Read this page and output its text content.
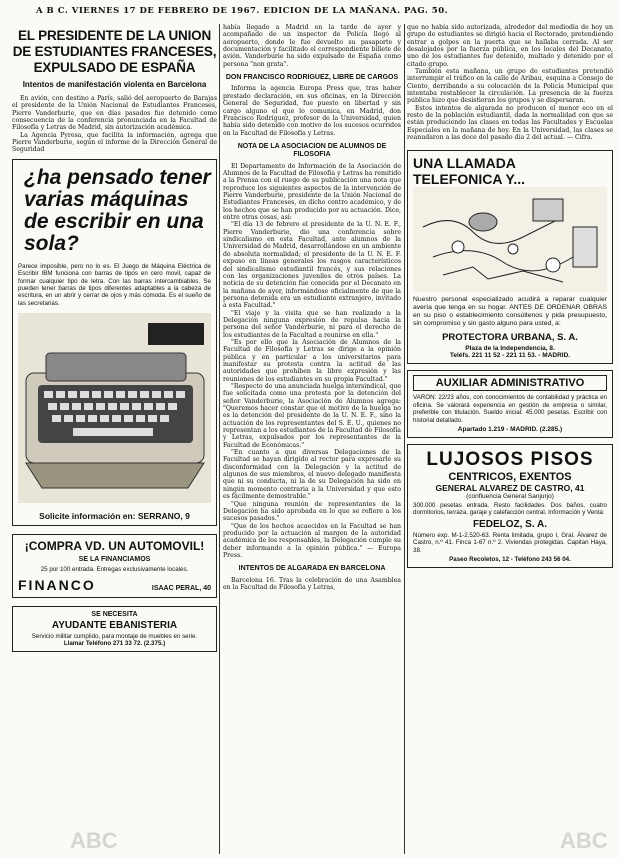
A B C. VIERNES 17 DE FEBRERO DE 1967. EDICION DE LA MAÑANA. PAG. 50.
EL PRESIDENTE DE LA UNION DE ESTUDIANTES FRANCESES, EXPULSADO DE ESPAÑA
Intentos de manifestación violenta en Barcelona

En avión, con destino a París, salió del aeropuerto de Barajas el presidente de la Unión Nacional de Estudiantes Franceses, Pierre Vanderburie, que en días pasados fue detenido como consecuencia de la conferencia pronunciada en la Facultad de Filosofía y Letras de Madrid, sin autorización académica.

La Agencia Pyresa, que facilita la información, agrega que Pierre Vanderburie, según el informe de la Dirección General de Seguridad

¿ha pensado tener varias máquinas de escribir en una sola?
Parece imposible, pero no lo es. El Juego de Máquina Eléctrica de Escribir IBM funciona con barras de tipos en cero movil, capaz de formar cualquier tipo de letra. Con las barras intercambiables. Se pueden tener barras de tipos diferentes adaptables a la cabeza de escritura, en un abrir y cerrar de ojos y más cómoda. Es el sueño de las secretarias.
Solicite información en: SERRANO, 9
¡COMPRA VD. UN AUTOMOVIL!
SE LA FINANCIAMOS
25 por 100 entrada. Entregas exclusivamente locales.
FINANCO	ISAAC PERAL, 40
SE NECESITA
AYUDANTE EBANISTERIA
Servicio militar cumplido, para montaje de muebles en serie.
Llamar Teléfono 271 33 72. (2.375.)

había llegado a Madrid en la tarde de ayer y acompañado de un inspector de Policía llegó al aeropuerto, donde le fue devuelto su pasaporte y documentación y facilitado el correspondiente billete de avión. Vanderburie ha sido expulsado de España como persona "non grata".

DON FRANCISCO RODRIGUEZ, LIBRE DE CARGOS

Informa la agencia Europa Press que, tras haber prestado declaración, en sus oficinas, en la Dirección General de Seguridad, fue puesto en libertad y sin cargo alguno el que lo comunica, en Madrid, don Francisco Rodríguez, profesor de la Universidad, quien había sido detenido con motivo de los sucesos ocurridos en la Facultad de Filosofía y Letras.

NOTA DE LA ASOCIACION DE ALUMNOS DE FILOSOFIA

El Departamento de Información de la Asociación de Alumnos de la Facultad de Filosofía y Letras ha remitido a la Prensa con el ruego de su publicación una nota que reproduce los siguientes aspectos de la intervención de Pierre Vanderburie, presidente de la Unión Nacional de Estudiantes Franceses, en dicho centro académico, y de los hechos que se han producido por su actuación. Dice, entre otras cosas, así:

"El día 13 de febrero el presidente de la U. N. E. F., Pierre Vanderburie, dio una conferencia sobre sindicalismo en esta Facultad, ante alumnos de la Universidad de Madrid, desarrollándose en un ambiente de absoluta normalidad; el presidente de la U. N. E. F. expuso en líneas generales los rasgos característicos del sindicalismo estudiantil francés, y sus relaciones con las organizaciones juveniles de otros países. La noticia de su detención fue conocida por el Decanato en la mañana de ayer, informándose oficialmente de que la persona detenida era un estudiante extranjero, invitado a esta Facultad."

"El viaje y la visita que se han realizado a la Delegación ninguna expresión de repulsa hacia la persona del señor Vanderburie, ni para el derecho de los estudiantes de la Facultad a reunirse en ella."

"Es por ello que la Asociación de Alumnos de la Facultad de Filosofía y Letras se dirige a la opinión pública y en particular a los universitarios para manifestar su protesta contra la actitud de las autoridades que prohíben la libre expresión y las reuniones de los estudiantes en su propia Facultad."

"Respecto de una anunciada huelga intersindical, que fue solicitada como una protesta por la detención del señor Vanderburie, la Asociación de Alumnos agrega: "Queremos hacer constar que el motivo de la huelga no es la detención del presidente de la U. N. E. F., sino la actuación de los representantes del S. E. U., quienes no representan a los estudiantes de la Facultad de Filosofía y Letras, expulsados por los representantes de la Facultad de Económicas."

"En cuanto a que diversas Delegaciones de la Facultad se hayan dirigido al rector para expresarle su disconformidad con la Delegación y la actitud de algunos de sus miembros, el nuevo delegado manifiesta que ni su conducta, ni la de su Delegación ha sido en ningún momento contraria a la Universidad y que esto es fácilmente demostrable."

"Que ninguna reunión de representantes de la Delegación ha sido aprobada en lo que se refiere a los sucesos pasados."

"Que de los hechos acaecidos en la Facultad se han producido por la actuación al margen de la autoridad académica de los responsables, la Delegación cumple su deber informando a la opinión pública." — Europa Press.

INTENTOS DE ALGARADA EN BARCELONA

Barcelona 16. Tras la celebración de una Asamblea en la Facultad de Filosofía y Letras,

que no había sido autorizada, alrededor del mediodía de hoy un grupo de estudiantes se dirigió hacia el Rectorado, pretendiendo entrar a golpes en la puerta que se hallaba cerrada. Al ser desalojados por la fuerza pública, en los locales del Decanato, uno de los estudiantes fue detenido, multado y detenido por el citado grupo.

También esta mañana, un grupo de estudiantes pretendió interrumpir el tráfico en la calle de Aribau, esquina a Consejo de Ciento, derribando a su colocación de la Policía Municipal que intentaba restablecer la circulación. La presencia de la fuerza pública hizo que desistieran los grupos y se dispersaran.

Estos intentos de algarada no producen el menor eco en el resto de la población estudiantil, dada la normalidad con que se están produciendo las clases en todas las Facultades y Escuelas Especiales en la mañana de hoy. En la Universidad, las clases se reanudaron a las doce del pasado día 2 del actual. — Cifra.

UNA LLAMADA TELEFONICA Y...
Nuestro personal especializado acudirá a reparar cualquier avería que tenga en su hogar. ANTES DE ORDENAR OBRAS en su piso o establecimiento consúltenos y pida presupuesto, sin compromiso y sin gasto alguno para usted, a:
PROTECTORA URBANA, S. A.
Plaza de la Independencia, 8.
Teléfs. 221 11 52 - 221 11 53. - MADRID.
AUXILIAR ADMINISTRATIVO
VARON: 22/23 años, con conocimientos de contabilidad y práctica en oficina. Se valorará experiencia en gestión de empresa o similar, preferible con titulación. Sueldo inicial: 45.000 pesetas. Escribir con historial detallado.
Apartado 1.219 - MADRID. (2.285.)
LUJOSOS PISOS
CENTRICOS, EXENTOS
GENERAL ALVAREZ DE CASTRO, 41
(confluencia General Sanjurjo)
300.000 pesetas entrada. Resto facilidades. Dos baños, cuatro dormitorios, terraza, garaje y calefacción central. Información y Venta:
FEDELOZ, S. A.
Número exp. M-1-2.520-63. Renta limitada, grupo I, Gral. Álvarez de Castro, n.º 41. Finca 1-67 n.º 2. Viviendas protegidas. Capitan Haya, 38.
Paseo Recoletos, 12 - Teléfono 243 56 04.
ABC	ABC
